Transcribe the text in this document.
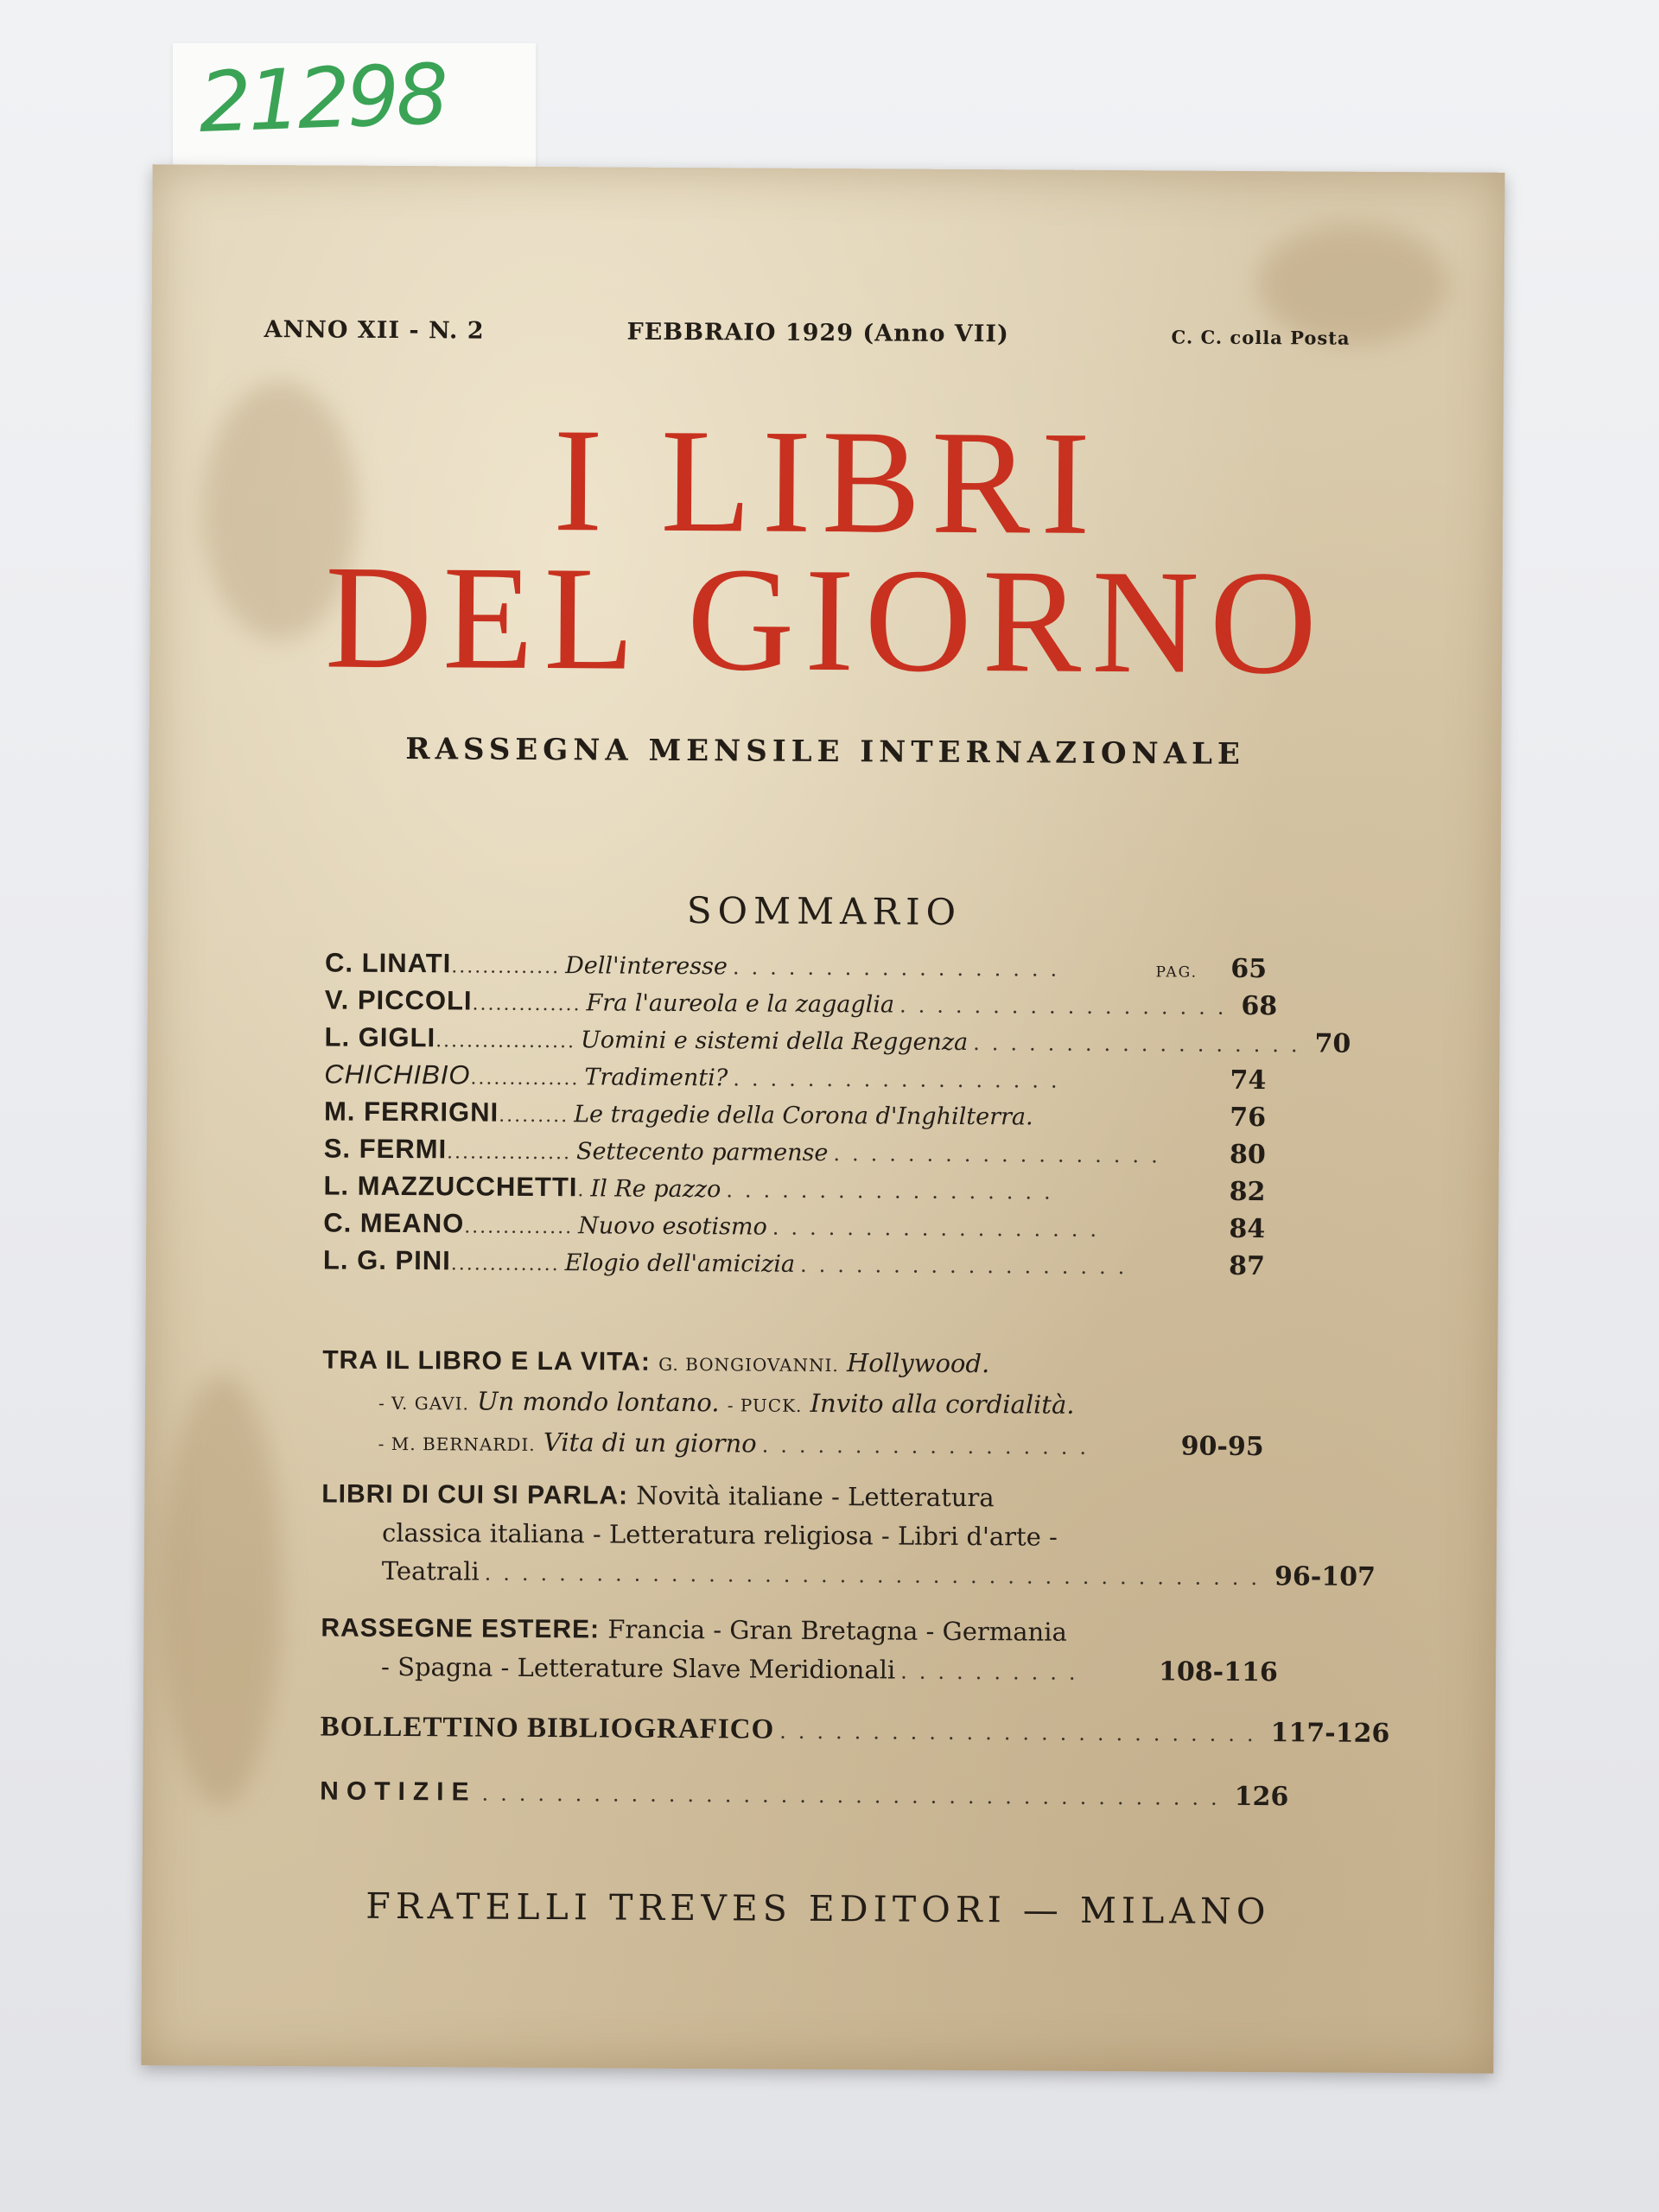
21298
ANNO XII - N. 2	FEBBRAIO 1929 (Anno VII)	C. C. colla Posta
I LIBRI
DEL GIORNO
RASSEGNA MENSILE INTERNAZIONALE
SOMMARIO
C. LINATI .............. Dell'interesse ..................	PAG.	65
V. PICCOLI .............. Fra l'aureola e la zagaglia .................. 68
L. GIGLI .................. Uomini e sistemi della Reggenza .................. 70
CHICHIBIO .............. Tradimenti? ..................	74
M. FERRIGNI ......... Le tragedie della Corona d'Inghilterra.	76
S. FERMI ................ Settecento parmense ..................	80
L. MAZZUCCHETTI . Il Re pazzo ..................	82
C. MEANO .............. Nuovo esotismo ..................	84
L. G. PINI .............. Elogio dell'amicizia ..................	87
TRA IL LIBRO E LA VITA: G. BONGIOVANNI. Hollywood.
- V. GAVI. Un mondo lontano. - PUCK. Invito alla cordialità.
- M. BERNARDI.
Vita di un giorno ..................	90-95
LIBRI DI CUI SI PARLA: Novità italiane - Letteratura
classica italiana - Letteratura religiosa - Libri d'arte -
Teatrali .......................................... 96-107
RASSEGNE ESTERE: Francia - Gran Bretagna - Germania
- Spagna - Letterature Slave Meridionali ..........	108-116
BOLLETTINO BIBLIOGRAFICO .......................... 117-126
NOTIZIE ........................................ 126
FRATELLI TREVES EDITORI — MILANO
